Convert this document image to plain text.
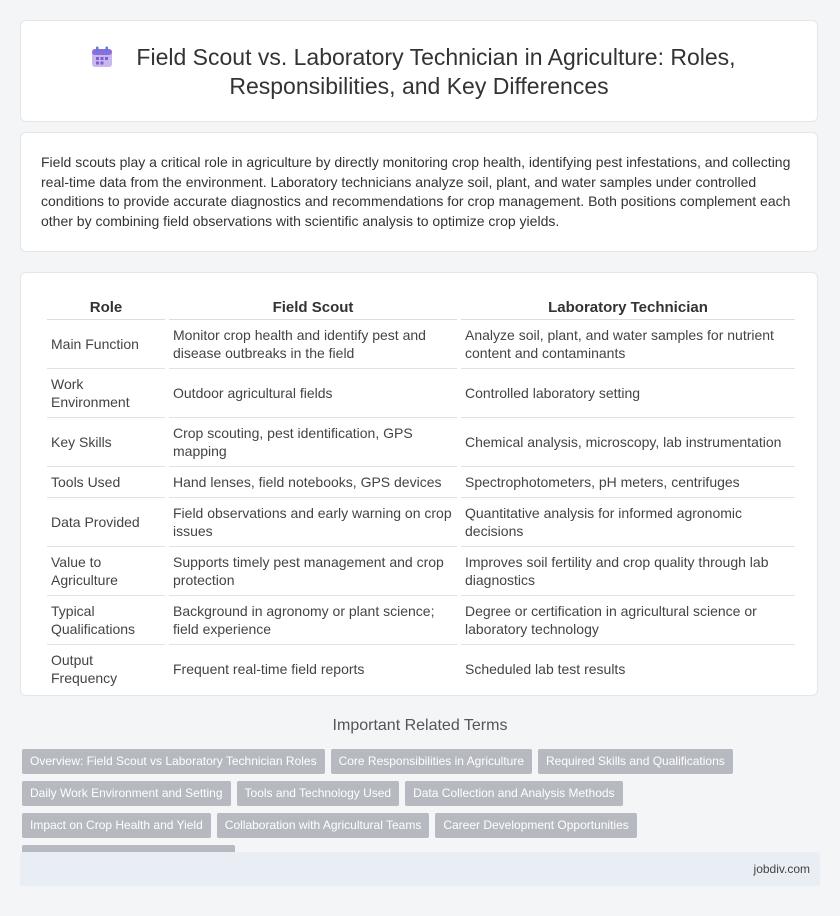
Field Scout vs. Laboratory Technician in Agriculture: Roles,
Responsibilities, and Key Differences

Field scouts play a critical role in agriculture by directly monitoring crop health, identifying pest infestations, and collecting real-time data from the environment. Laboratory technicians analyze soil, plant, and water samples under controlled conditions to provide accurate diagnostics and recommendations for crop management. Both positions complement each other by combining field observations with scientific analysis to optimize crop yields.

Role	Field Scout	Laboratory Technician
Main Function	Monitor crop health and identify pest and disease outbreaks in the field	Analyze soil, plant, and water samples for nutrient content and contaminants
Work Environment	Outdoor agricultural fields	Controlled laboratory setting
Key Skills	Crop scouting, pest identification, GPS mapping	Chemical analysis, microscopy, lab instrumentation
Tools Used	Hand lenses, field notebooks, GPS devices	Spectrophotometers, pH meters, centrifuges
Data Provided	Field observations and early warning on crop issues	Quantitative analysis for informed agronomic decisions
Value to Agriculture	Supports timely pest management and crop protection	Improves soil fertility and crop quality through lab diagnostics
Typical Qualifications	Background in agronomy or plant science; field experience	Degree or certification in agricultural science or laboratory technology
Output Frequency	Frequent real-time field reports	Scheduled lab test results
Important Related Terms
Overview: Field Scout vs Laboratory Technician Roles Core Responsibilities in Agriculture Required Skills and QualificationsDaily Work Environment and Setting Tools and Technology Used Data Collection and Analysis MethodsImpact on Crop Health and Yield Collaboration with Agricultural Teams Career Development Opportunities
jobdiv.com
